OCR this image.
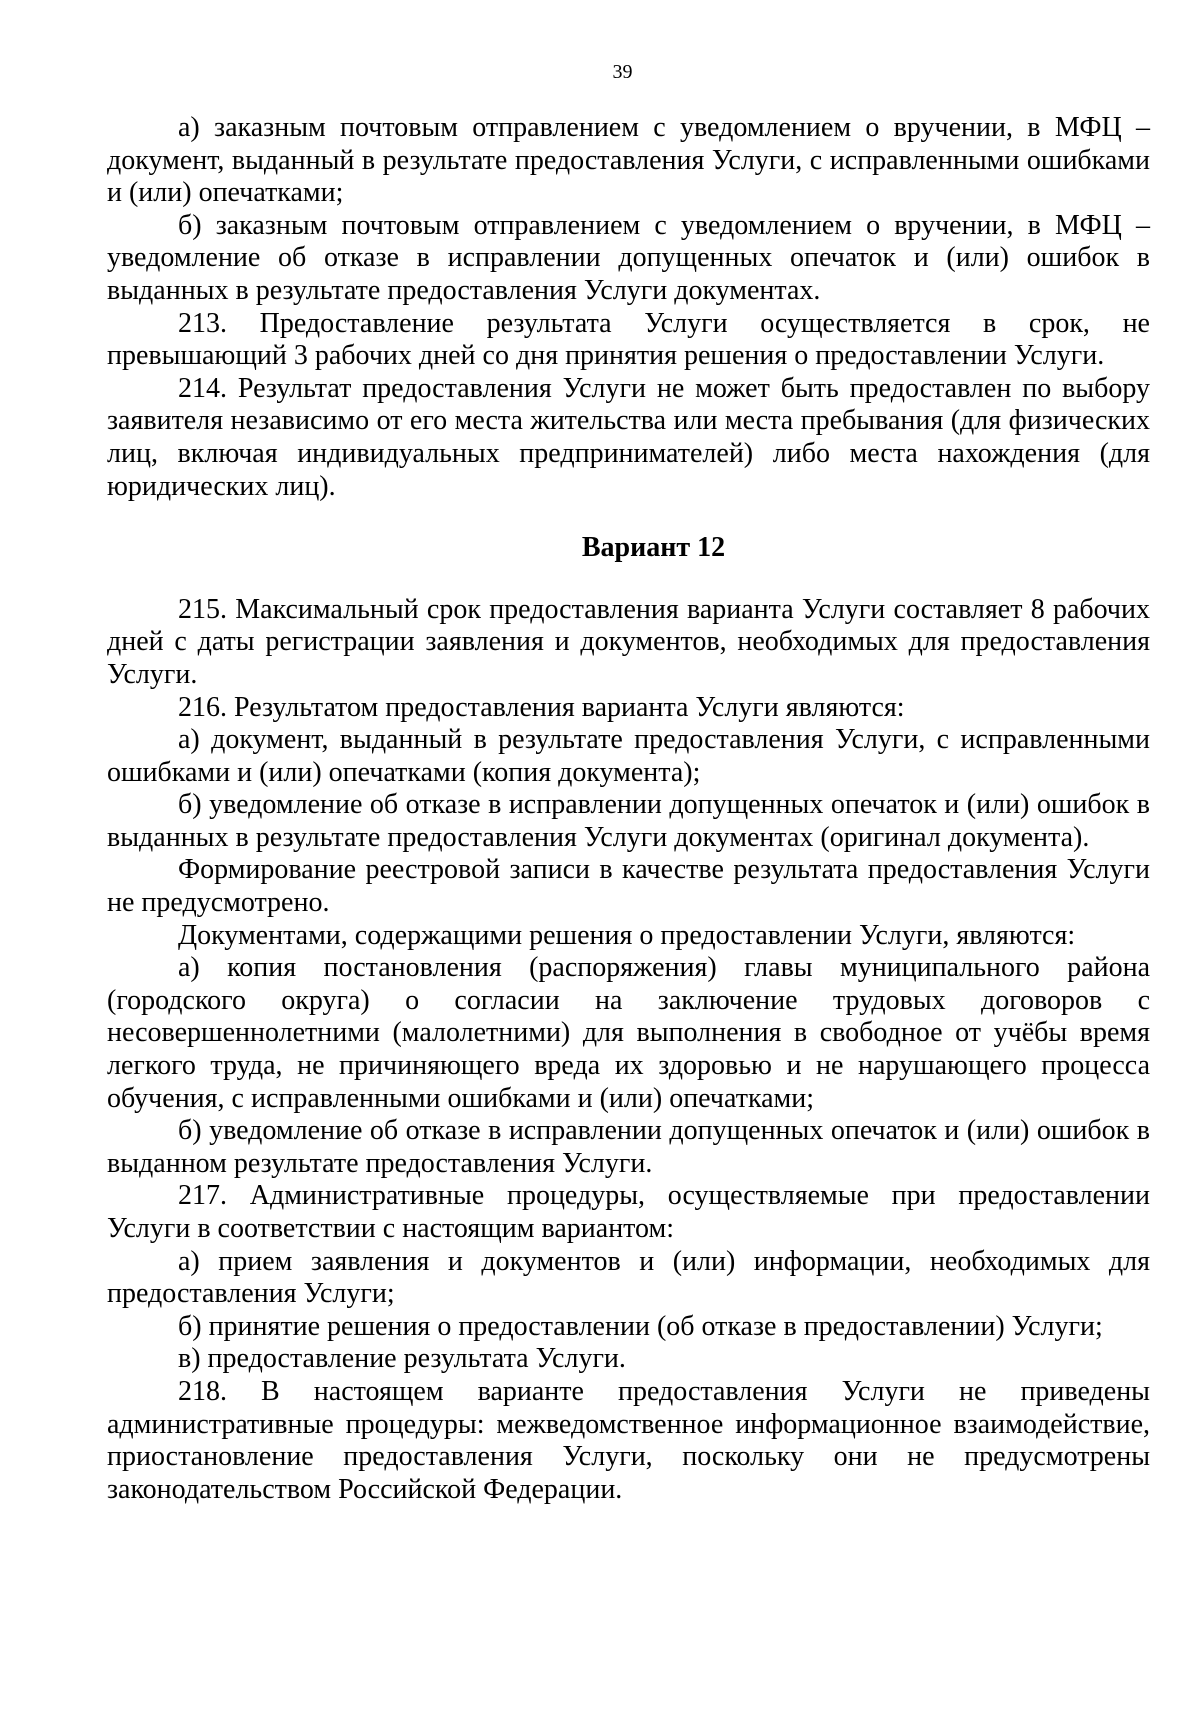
39

а) заказным почтовым отправлением с уведомлением о вручении, в МФЦ – документ, выданный в результате предоставления Услуги, с исправленными ошибками и (или) опечатками;

б) заказным почтовым отправлением с уведомлением о вручении, в МФЦ – уведомление об отказе в исправлении допущенных опечаток и (или) ошибок в выданных в результате предоставления Услуги документах.

213. Предоставление результата Услуги осуществляется в срок, не превышающий 3 рабочих дней со дня принятия решения о предоставлении Услуги.

214. Результат предоставления Услуги не может быть предоставлен по выбору заявителя независимо от его места жительства или места пребывания (для физических лиц, включая индивидуальных предпринимателей) либо места нахождения (для юридических лиц).

Вариант 12

215. Максимальный срок предоставления варианта Услуги составляет 8 рабочих дней с даты регистрации заявления и документов, необходимых для предоставления Услуги.

216. Результатом предоставления варианта Услуги являются:

а) документ, выданный в результате предоставления Услуги, с исправленными ошибками и (или) опечатками (копия документа);

б) уведомление об отказе в исправлении допущенных опечаток и (или) ошибок в выданных в результате предоставления Услуги документах (оригинал документа).

Формирование реестровой записи в качестве результата предоставления Услуги не предусмотрено.

Документами, содержащими решения о предоставлении Услуги, являются:

а) копия постановления (распоряжения) главы муниципального района (городского округа) о согласии на заключение трудовых договоров с несовершеннолетними (малолетними) для выполнения в свободное от учёбы время легкого труда, не причиняющего вреда их здоровью и не нарушающего процесса обучения, с исправленными ошибками и (или) опечатками;

б) уведомление об отказе в исправлении допущенных опечаток и (или) ошибок в выданном результате предоставления Услуги.

217. Административные процедуры, осуществляемые при предоставлении Услуги в соответствии с настоящим вариантом:

а) прием заявления и документов и (или) информации, необходимых для предоставления Услуги;

б) принятие решения о предоставлении (об отказе в предоставлении) Услуги;

в) предоставление результата Услуги.

218. В настоящем варианте предоставления Услуги не приведены административные процедуры: межведомственное информационное взаимодействие, приостановление предоставления Услуги, поскольку они не предусмотрены законодательством Российской Федерации.
